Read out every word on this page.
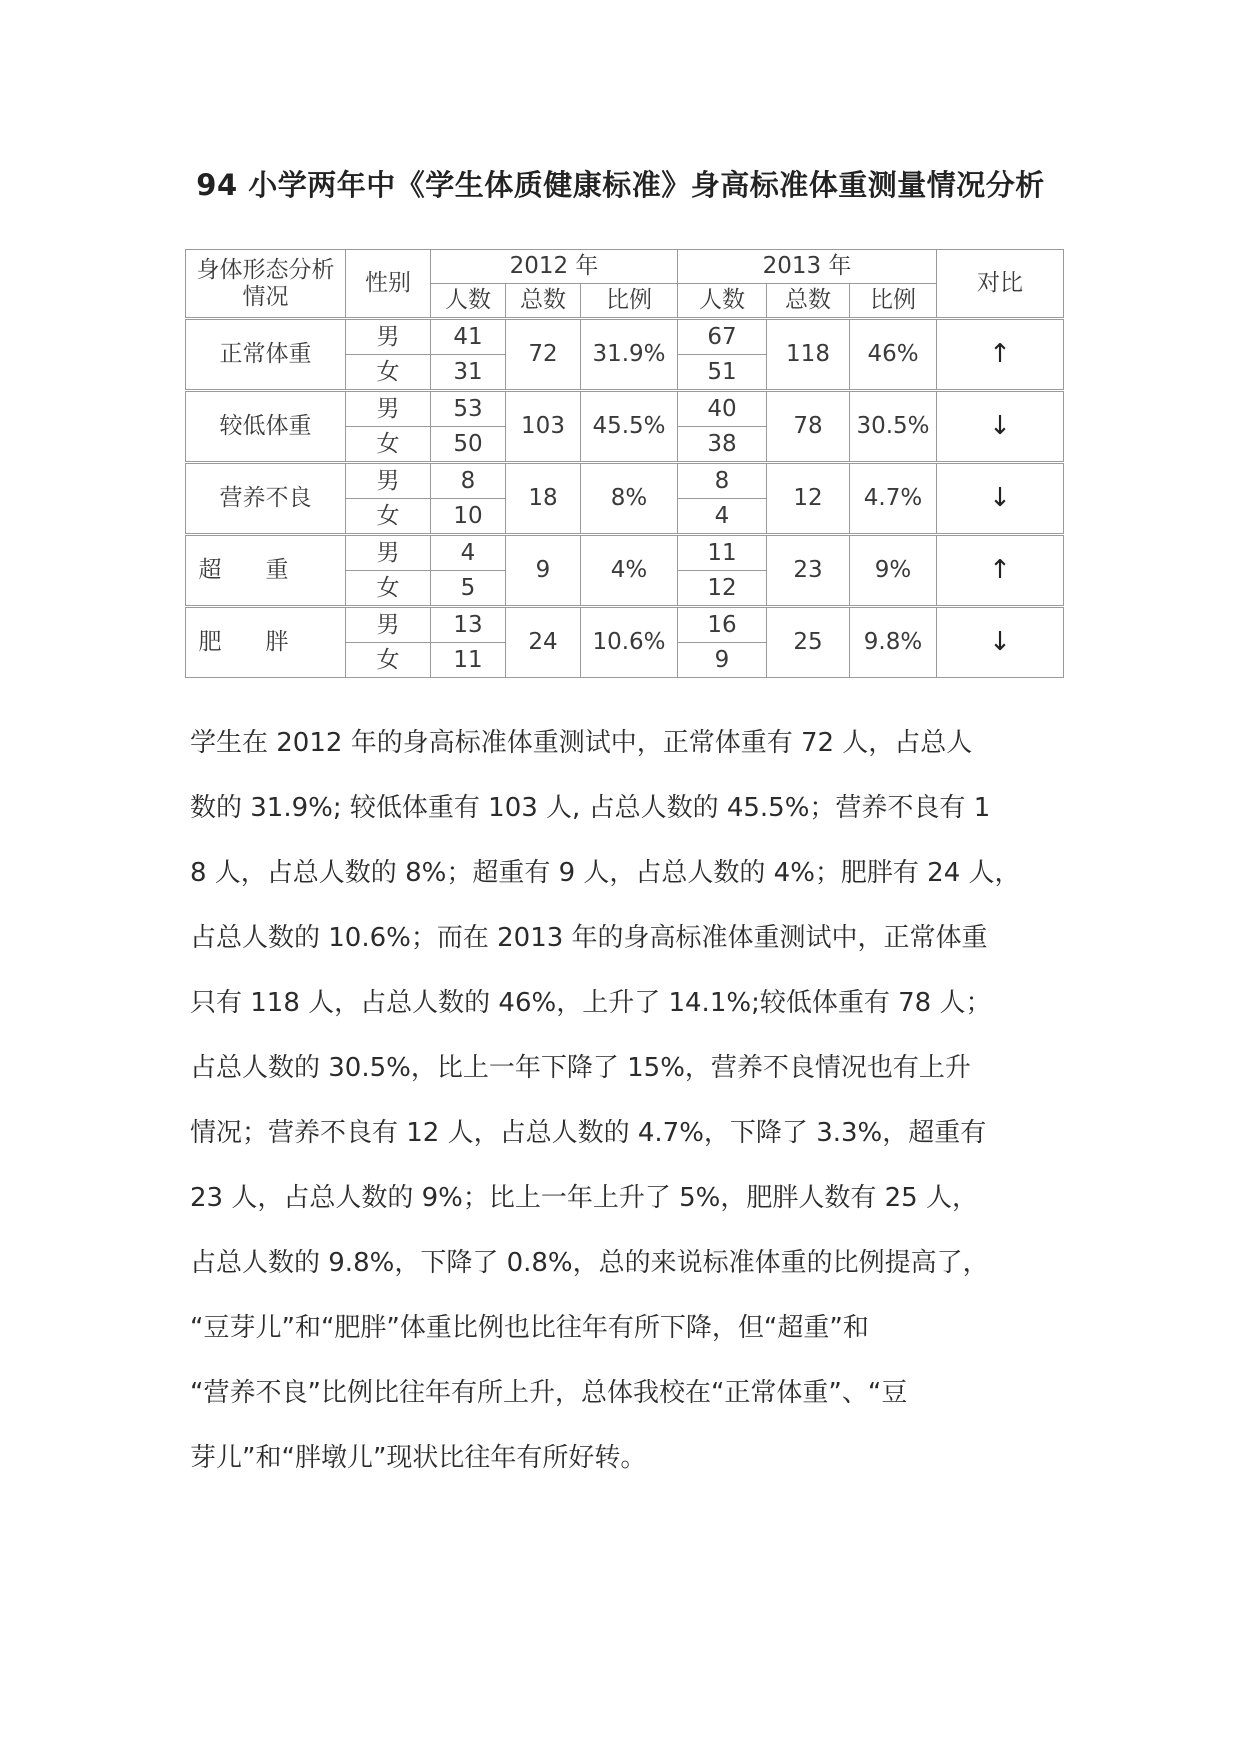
94 小学两年中《学生体质健康标准》身高标准体重测量情况分析
身体形态分析情况	性别	2012 年			2013 年			对比
		人数	总数	比例	人数	总数	比例	
正常体重	男	41	72	31.9%	67	118	46%	↑
	女	31			51			
较低体重	男	53	103	45.5%	40	78	30.5%	↓
	女	50			38			
营养不良	男	8	18	8%	8	12	4.7%	↓
	女	10			4			
超重	男	4	9	4%	11	23	9%	↑
	女	5			12			
肥胖	男	13	24	10.6%	16	25	9.8%	↓
	女	11			9			
学生在 2012 年的身高标准体重测试中，正常体重有 72 人，占总人
数的 31.9%; 较低体重有 103 人, 占总人数的 45.5%；营养不良有 1
8 人，占总人数的 8%；超重有 9 人，占总人数的 4%；肥胖有 24 人，
占总人数的 10.6%；而在 2013 年的身高标准体重测试中，正常体重
只有 118 人，占总人数的 46%，上升了 14.1%;较低体重有 78 人；
占总人数的 30.5%，比上一年下降了 15%，营养不良情况也有上升
情况；营养不良有 12 人，占总人数的 4.7%，下降了 3.3%，超重有
23 人，占总人数的 9%；比上一年上升了 5%，肥胖人数有 25 人，
占总人数的 9.8%，下降了 0.8%，总的来说标准体重的比例提高了，
“豆芽儿”和“肥胖”体重比例也比往年有所下降，但“超重”和
“营养不良”比例比往年有所上升，总体我校在“正常体重”、“豆
芽儿”和“胖墩儿”现状比往年有所好转。
